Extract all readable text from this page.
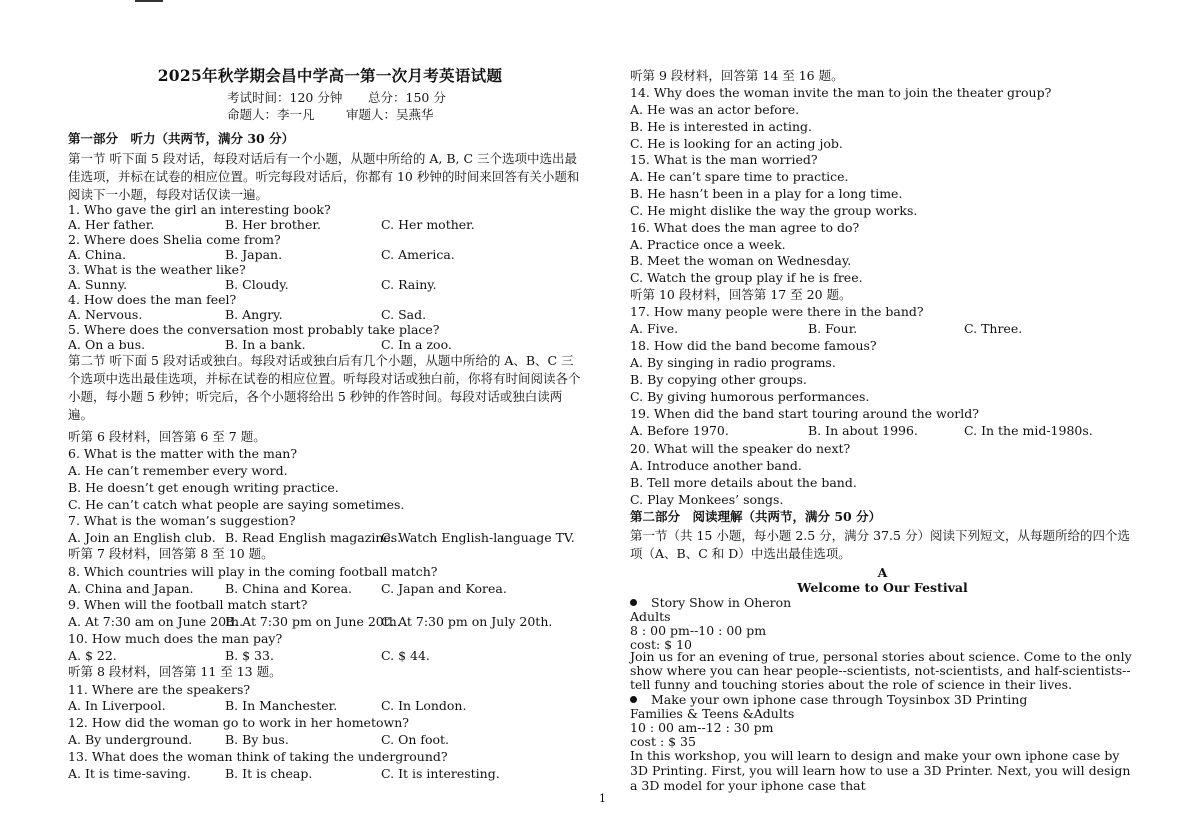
2025年秋学期会昌中学高一第一次月考英语试题
考试时间：120 分钟 总分：150 分
命题人：李一凡	审题人：吴燕华
第一部分　听力（共两节，满分 30 分）
第一节 听下面 5 段对话，每段对话后有一个小题，从题中所给的 A, B, C 三个选项中选出最佳选项，并标在试卷的相应位置。听完每段对话后，你都有 10 秒钟的时间来回答有关小题和阅读下一小题，每段对话仅读一遍。
1. Who gave the girl an interesting book?
A. Her father.	B. Her brother.	C. Her mother.
2. Where does Shelia come from?
A. China.	B. Japan.	C. America.
3. What is the weather like?
A. Sunny.	B. Cloudy.	C. Rainy.
4. How does the man feel?
A. Nervous.	B. Angry.	C. Sad.
5. Where does the conversation most probably take place?
A. On a bus.	B. In a bank.	C. In a zoo.
第二节 听下面 5 段对话或独白。每段对话或独白后有几个小题，从题中所给的 A、B、C 三个选项中选出最佳选项，并标在试卷的相应位置。听每段对话或独白前，你将有时间阅读各个小题，每小题 5 秒钟；听完后，各个小题将给出 5 秒钟的作答时间。每段对话或独白读两遍。
听第 6 段材料，回答第 6 至 7 题。
6. What is the matter with the man?
A. He can’t remember every word.
B. He doesn’t get enough writing practice.
C. He can’t catch what people are saying sometimes.
7. What is the woman’s suggestion?
A. Join an English club. B. Read English magazines.
C. Watch English-language TV.
听第 7 段材料，回答第 8 至 10 题。
8. Which countries will play in the coming football match?
A. China and Japan.	B. China and Korea. C. Japan and Korea.
9. When will the football match start?
A. At 7:30 am on June 20th.
B. At 7:30 pm on June 20th.
C. At 7:30 pm on July 20th.
10. How much does the man pay?
A. $ 22.	B. $ 33.	C. $ 44.
听第 8 段材料，回答第 11 至 13 题。
11. Where are the speakers?
A. In Liverpool.	B. In Manchester.	C. In London.
12. How did the woman go to work in her hometown?
A. By underground.	B. By bus.	C. On foot.
13. What does the woman think of taking the underground?
A. It is time-saving.	B. It is cheap.	C. It is interesting.
听第 9 段材料，回答第 14 至 16 题。
14. Why does the woman invite the man to join the theater group?
A. He was an actor before.
B. He is interested in acting.
C. He is looking for an acting job.
15. What is the man worried?
A. He can’t spare time to practice.
B. He hasn’t been in a play for a long time.
C. He might dislike the way the group works.
16. What does the man agree to do?
A. Practice once a week.
B. Meet the woman on Wednesday.
C. Watch the group play if he is free.
听第 10 段材料，回答第 17 至 20 题。
17. How many people were there in the band?
A. Five.	B. Four.	C. Three.
18. How did the band become famous?
A. By singing in radio programs.
B. By copying other groups.
C. By giving humorous performances.
19. When did the band start touring around the world?
A. Before 1970.	B. In about 1996.	C. In the mid-1980s.
20. What will the speaker do next?
A. Introduce another band.
B. Tell more details about the band.
C. Play Monkees’ songs.
第二部分　阅读理解（共两节，满分 50 分）
第一节（共 15 小题，每小题 2.5 分，满分 37.5 分）阅读下列短文，从每题所给的四个选项（A、B、C 和 D）中选出最佳选项。
A
Welcome to Our Festival
Story Show in Oheron
Adults
8 : 00 pm--10 : 00 pm
cost: $ 10
Join us for an evening of true, personal stories about science. Come to the only show where you can hear people--scientists, not-scientists, and half-scientists--tell funny and touching stories about the role of science in their lives.
Make your own iphone case through Toysinbox 3D Printing
Families & Teens &Adults
10 : 00 am--12 : 30 pm
cost : $ 35
In this workshop, you will learn to design and make your own iphone case by 3D Printing. First, you will learn how to use a 3D Printer. Next, you will design a 3D model for your iphone case that
1
